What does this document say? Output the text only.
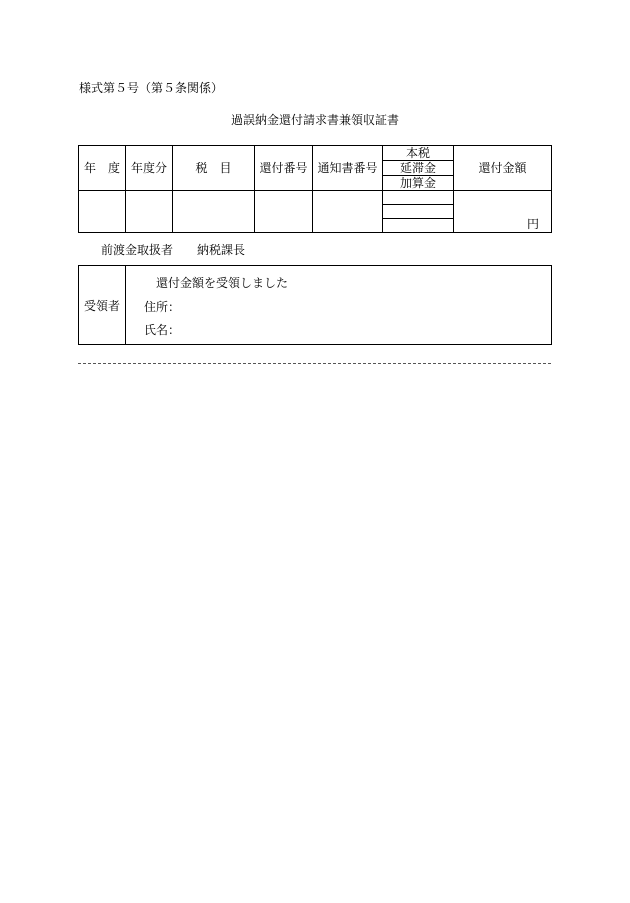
様式第５号（第５条関係）
過誤納金還付請求書兼領収証書
年　度	年度分	税　目	還付番号	通知書番号	本税	還付金額
					延滞金	
					加算金	
						円

前渡金取扱者 納税課長
受領者	
還付金額を受領しました
住所：
氏名：
